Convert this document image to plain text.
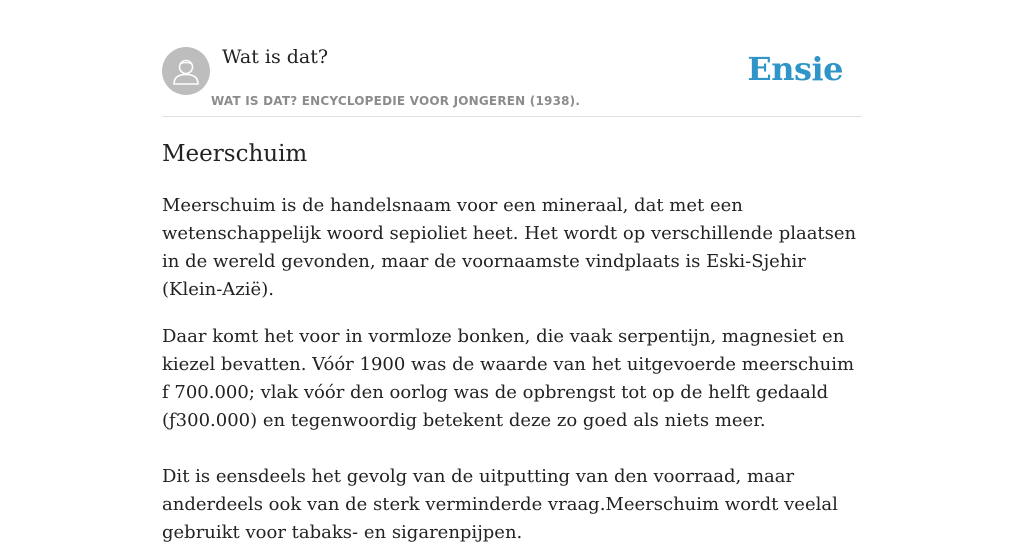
Wat is dat?
WAT IS DAT? ENCYCLOPEDIE VOOR JONGEREN (1938).
Ensie
Meerschuim

Meerschuim is de handelsnaam voor een mineraal, dat met een wetenschappelijk woord sepioliet heet. Het wordt op verschillende plaatsen in de wereld gevonden, maar de voornaamste vindplaats is Eski-Sjehir (Klein-Azië).

Daar komt het voor in vormloze bonken, die vaak serpentijn, magnesiet en kiezel bevatten. Vóór 1900 was de waarde van het uitgevoerde meerschuim f 700.000; vlak vóór den oorlog was de opbrengst tot op de helft gedaald (ƒ300.000) en tegenwoordig betekent deze zo goed als niets meer.

Dit is eensdeels het gevolg van de uitputting van den voorraad, maar anderdeels ook van de sterk verminderde vraag.Meerschuim wordt veelal gebruikt voor tabaks- en sigarenpijpen.
